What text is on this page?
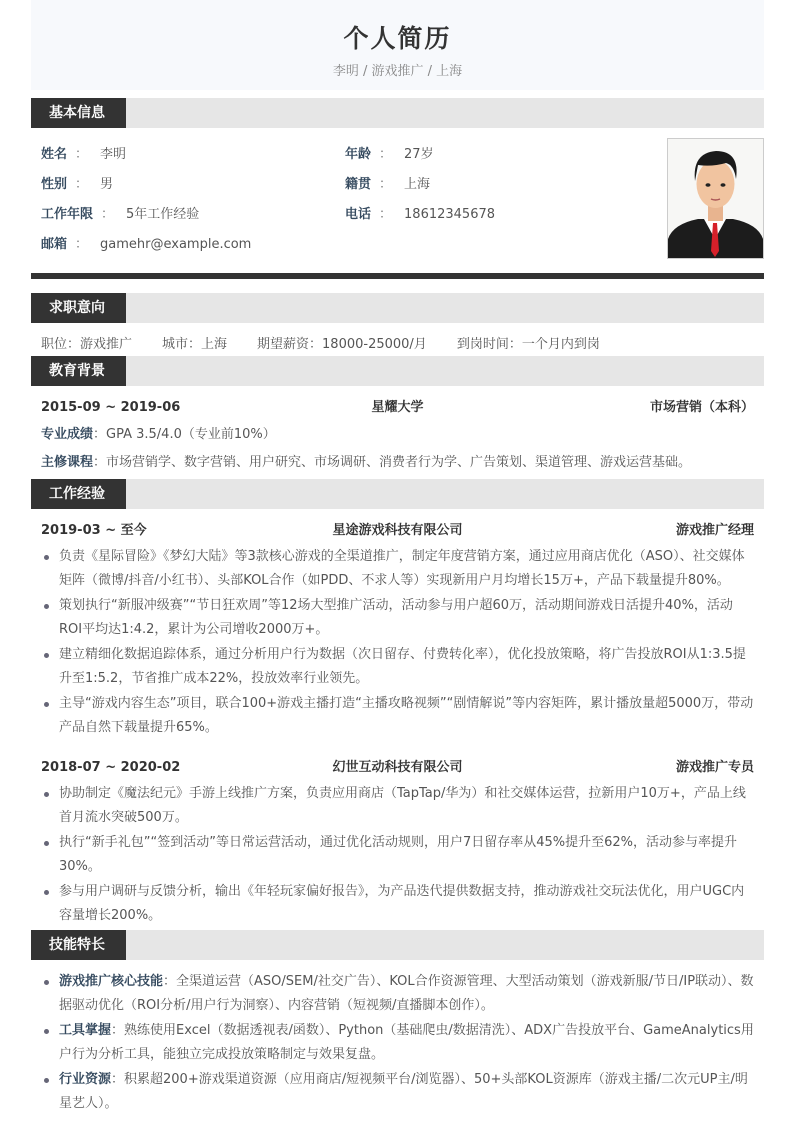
个人简历
李明 / 游戏推广 / 上海
基本信息
姓名 ： 李明	年龄 ： 27岁
性别 ： 男	籍贯 ： 上海
工作年限 ： 5年工作经验	电话 ： 18612345678
邮箱 ： gamehr@example.com
求职意向
职位：游戏推广 城市：上海 期望薪资：18000-25000/月 到岗时间：一个月内到岗
教育背景
2015-09 ~ 2019-06	星耀大学	市场营销（本科）
专业成绩：GPA 3.5/4.0（专业前10%）
主修课程：市场营销学、数字营销、用户研究、市场调研、消费者行为学、广告策划、渠道管理、游戏运营基础。
工作经验
2019-03 ~ 至今	星途游戏科技有限公司	游戏推广经理
负责《星际冒险》《梦幻大陆》等3款核心游戏的全渠道推广，制定年度营销方案，通过应用商店优化（ASO）、社交媒体矩阵（微博/抖音/小红书）、头部KOL合作（如PDD、不求人等）实现新用户月均增长15万+，产品下载量提升80%。
策划执行“新服冲级赛”“节日狂欢周”等12场大型推广活动，活动参与用户超60万，活动期间游戏日活提升40%，活动ROI平均达1:4.2，累计为公司增收2000万+。
建立精细化数据追踪体系，通过分析用户行为数据（次日留存、付费转化率），优化投放策略，将广告投放ROI从1:3.5提升至1:5.2，节省推广成本22%，投放效率行业领先。
主导“游戏内容生态”项目，联合100+游戏主播打造“主播攻略视频”“剧情解说”等内容矩阵，累计播放量超5000万，带动产品自然下载量提升65%。
2018-07 ~ 2020-02	幻世互动科技有限公司	游戏推广专员
协助制定《魔法纪元》手游上线推广方案，负责应用商店（TapTap/华为）和社交媒体运营，拉新用户10万+，产品上线首月流水突破500万。
执行“新手礼包”“签到活动”等日常运营活动，通过优化活动规则，用户7日留存率从45%提升至62%，活动参与率提升30%。
参与用户调研与反馈分析，输出《年轻玩家偏好报告》，为产品迭代提供数据支持，推动游戏社交玩法优化，用户UGC内容量增长200%。
技能特长
游戏推广核心技能：全渠道运营（ASO/SEM/社交广告）、KOL合作资源管理、大型活动策划（游戏新服/节日/IP联动）、数据驱动优化（ROI分析/用户行为洞察）、内容营销（短视频/直播脚本创作）。
工具掌握：熟练使用Excel（数据透视表/函数）、Python（基础爬虫/数据清洗）、ADX广告投放平台、GameAnalytics用户行为分析工具，能独立完成投放策略制定与效果复盘。
行业资源：积累超200+游戏渠道资源（应用商店/短视频平台/浏览器）、50+头部KOL资源库（游戏主播/二次元UP主/明星艺人）。
